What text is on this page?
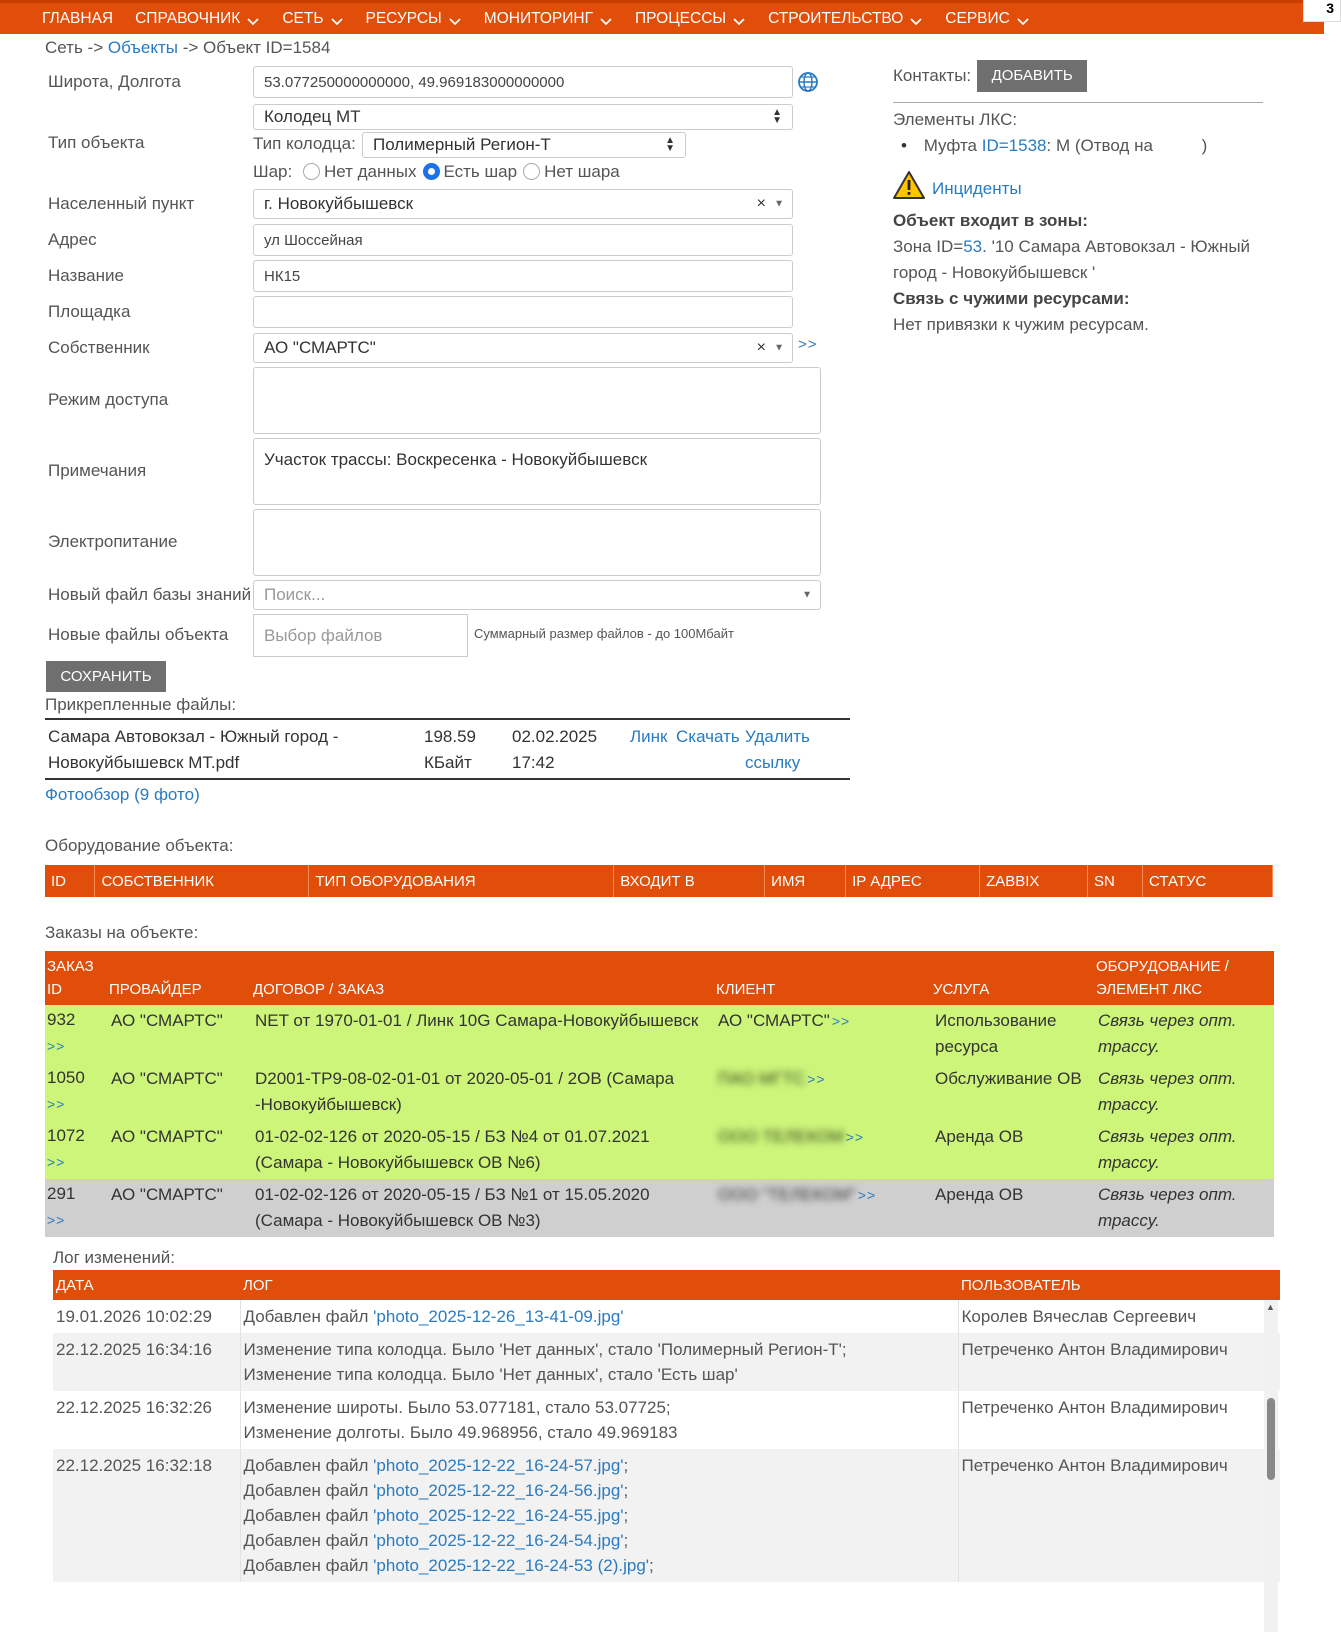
ГЛАВНАЯ СПРАВОЧНИК	СЕТЬ	РЕСУРСЫ	МОНИТОРИНГ	ПРОЦЕССЫ	СТРОИТЕЛЬСТВО	СЕРВИС
3
Сеть -> Объекты -> Объект ID=1584
Широта, Долгота	53.077250000000000, 49.969183000000000
Тип объекта
Колодец МТ	▲
▼
Тип колодца: Полимерный Регион-Т	▲
▼
Шар: Нет данных Есть шар Нет шара
Населенный пункт	г. Новокуйбышевск	× ▼
Адрес	ул Шоссейная
Название	НК15
Площадка
Собственник	АО "СМАРТС"	× ▼ >>
Режим доступа
Примечания
Участок трассы: Воскресенка - Новокуйбышевск
Электропитание
Новый файл базы знаний Поиск...	▼
Новые файлы объекта	Выбор файлов	Суммарный размер файлов - до 100Мбайт
СОХРАНИТЬ
Контакты:	ДОБАВИТЬ
Элементы ЛКС:
• Муфта ID=1538: М (Отвод на	)
Инциденты
Объект входит в зоны:
Зона ID=53. '10 Самара Автовокзал - Южный город - Новокуйбышевск '
Связь с чужими ресурсами:
Нет привязки к чужим ресурсам.
Прикрепленные файлы:
Самара Автовокзал - Южный город - Новокуйбышевск МТ.pdf
198.59 КБайт
02.02.2025 17:42
Линк Скачать Удалить ссылку
Фотообзор (9 фото)
Оборудование объекта:
ID	СОБСТВЕННИК	ТИП ОБОРУДОВАНИЯ	ВХОДИТ В	ИМЯ	IP АДРЕС	ZABBIX	SN	СТАТУС
Заказы на объекте:
ЗАКАЗ ID	ПРОВАЙДЕР	ДОГОВОР / ЗАКАЗ	КЛИЕНТ	УСЛУГА	ОБОРУДОВАНИЕ / ЭЛЕМЕНТ ЛКС

932
>>	АО "СМАРТС"	NET от 1970-01-01 / Линк 10G Самара-Новокуйбышевск	АО "СМАРТС" >>	Использование ресурса	Связь через опт. трассу.

1050
>>	АО "СМАРТС"	D2001-TP9-08-02-01-01 от 2020-05-01 / 2ОВ (Самара -Новокуйбышевск)	ПАО МГТС >>	Обслуживание ОВ	Связь через опт. трассу.

1072
>>	АО "СМАРТС"	01-02-02-126 от 2020-05-15 / БЗ №4 от 01.07.2021 (Самара - Новокуйбышевск ОВ №6)	ООО ТЕЛЕКОМ >>	Аренда ОВ	Связь через опт. трассу.

291
>>	АО "СМАРТС"	01-02-02-126 от 2020-05-15 / БЗ №1 от 15.05.2020 (Самара - Новокуйбышевск ОВ №3)	ООО "ТЕЛЕКОМ" >>	Аренда ОВ	Связь через опт. трассу.
Лог изменений:
ДАТА	ЛОГ	ПОЛЬЗОВАТЕЛЬ
19.01.2026 10:02:29	Добавлен файл 'photo_2025-12-26_13-41-09.jpg'	Королев Вячеслав Сергеевич
22.12.2025 16:34:16	Изменение типа колодца. Было 'Нет данных', стало 'Полимерный Регион-Т';
Изменение типа колодца. Было 'Нет данных', стало 'Есть шар'	Петреченко Антон Владимирович
22.12.2025 16:32:26	Изменение широты. Было 53.077181, стало 53.07725;
Изменение долготы. Было 49.968956, стало 49.969183	Петреченко Антон Владимирович
22.12.2025 16:32:18	Добавлен файл 'photo_2025-12-22_16-24-57.jpg';
Добавлен файл 'photo_2025-12-22_16-24-56.jpg';
Добавлен файл 'photo_2025-12-22_16-24-55.jpg';
Добавлен файл 'photo_2025-12-22_16-24-54.jpg';
Добавлен файл 'photo_2025-12-22_16-24-53 (2).jpg';	Петреченко Антон Владимирович
▲
